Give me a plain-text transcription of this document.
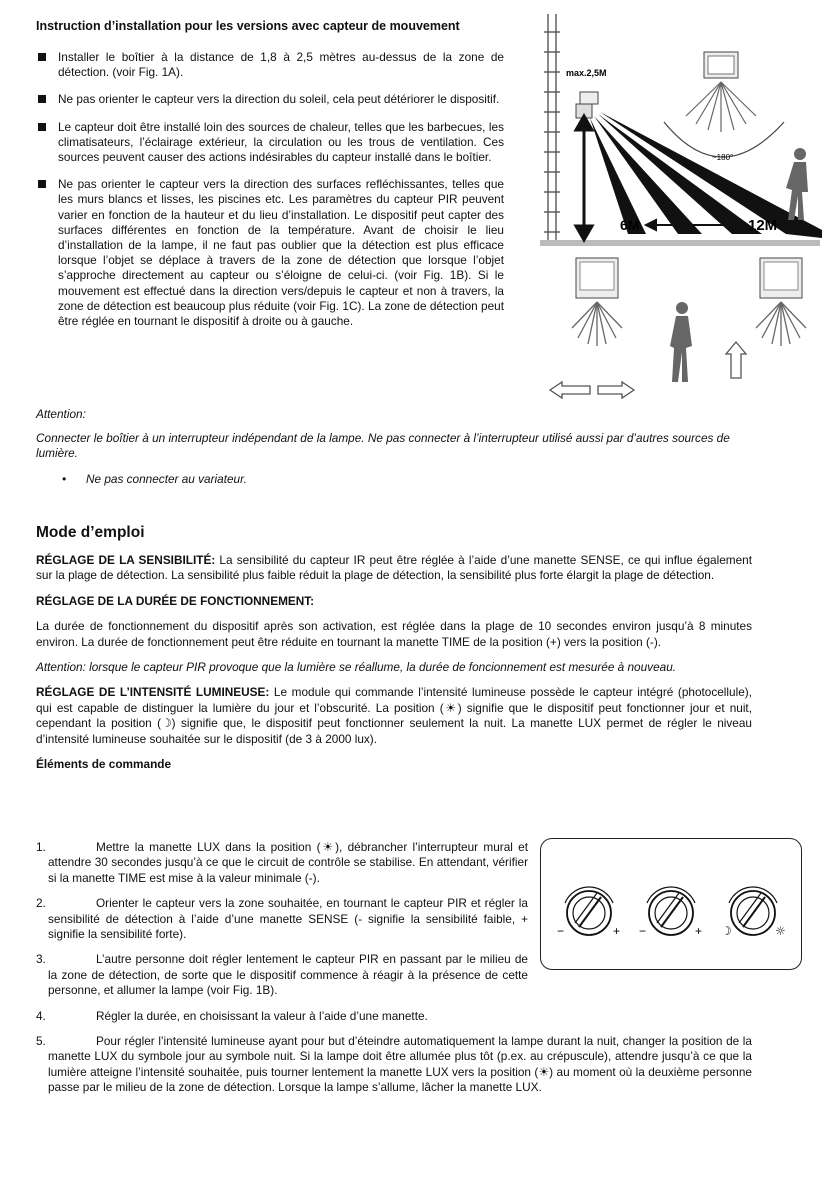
Instruction d’installation pour les versions avec capteur de mouvement
Installer le boîtier à la distance de 1,8 à 2,5 mètres au-dessus de la zone de détection. (voir Fig. 1A).
Ne pas orienter le capteur vers la direction du soleil, cela peut détériorer le dispositif.
Le capteur doit être installé loin des sources de chaleur, telles que les barbecues, les climatisateurs, l’éclairage extérieur, la circulation ou les trous de ventilation. Ces sources peuvent causer des actions indésirables du capteur installé dans le boîtier.
Ne pas orienter le capteur vers la direction des surfaces refléchissantes, telles que les murs blancs et lisses, les piscines etc. Les paramètres du capteur PIR peuvent varier en fonction de la hauteur et du lieu d’installation. Le dispositif peut capter des surfaces différentes en fonction de la température. Avant de choisir le lieu d’installation de la lampe, il ne faut pas oublier que la détection est plus efficace lorsque l’objet se déplace à travers de la zone de détection que lorsque l’objet s’approche directement au capteur ou s’éloigne de celui-ci. (voir Fig. 1B). Si le mouvement est effectué dans la direction vers/depuis le capteur et non à travers, la zone de détection est beaucoup plus réduite (voir Fig. 1C). La zone de détection peut être réglée en tournant le dispositif à droite ou à gauche.
max.2,5M
6M	12M
~180°

Attention:

Connecter le boîtier à un interrupteur indépendant de la lampe. Ne pas connecter à l’interrupteur utilisé aussi par d’autres sources de lumière.

• Ne pas connecter au variateur.
Mode d’emploi

RÉGLAGE DE LA SENSIBILITÉ: La sensibilité du capteur IR peut être réglée à l’aide d’une manette SENSE, ce qui influe également sur la plage de détection. La sensibilité plus faible réduit la plage de détection, la sensibilité plus forte élargit la plage de détection.

RÉGLAGE DE LA DURÉE DE FONCTIONNEMENT:

La durée de fonctionnement du dispositif après son activation, est réglée dans la plage de 10 secondes environ jusqu’à 8 minutes environ. La durée de fonctionnement peut être réduite en tournant la manette TIME de la position (+) vers la position (-).

Attention: lorsque le capteur PIR provoque que la lumière se réallume, la durée de foncionnement est mesurée à nouveau.

RÉGLAGE DE L’INTENSITÉ LUMINEUSE: Le module qui commande l’intensité lumineuse possède le capteur intégré (photocellule), qui est capable de distinguer la lumière du jour et l’obscurité. La position (☀) signifie que le dispositif peut fonctionner jour et nuit, cependant la position (☽) signifie que, le dispositif peut fonctionner seulement la nuit. La manette LUX permet de régler le niveau d’intensité lumineuse souhaitée sur le dispositif (de 3 à 2000 lux).

Éléments de commande

1.	Mettre la manette LUX dans la position (☀), débrancher l’interrupteur mural et attendre 30 secondes jusqu’à ce que le circuit de contrôle se stabilise. En attendant, vérifier si la manette TIME est mise à la valeur minimale (-).
2.	Orienter le capteur vers la zone souhaitée, en tournant le capteur PIR et régler la sensibilité de détection à l’aide d’une manette SENSE (- signifie la sensibilité faible, + signifie la sensibilité forte).
3.	L’autre personne doit régler lentement le capteur PIR en passant par le milieu de la zone de détection, de sorte que le dispositif commence à réagir à la présence de cette personne, et allumer la lampe (voir Fig. 1B).
4.	Régler la durée, en choisissant la valeur à l’aide d’une manette.
5.	Pour régler l’intensité lumineuse ayant pour but d’éteindre automatiquement la lampe durant la nuit, changer la position de la manette LUX du symbole jour au symbole nuit. Si la lampe doit être allumée plus tôt (p.ex. au crépuscule), attendre jusqu’à ce que la lumière atteigne l’intensité souhaitée, puis tourner lentement la manette LUX vers la position (☀) au moment où la deuxième personne passe par le milieu de la zone de détection. Lorsque la lampe s’allume, lâcher la manette LUX.
−	+ −	+ ☽	☼
